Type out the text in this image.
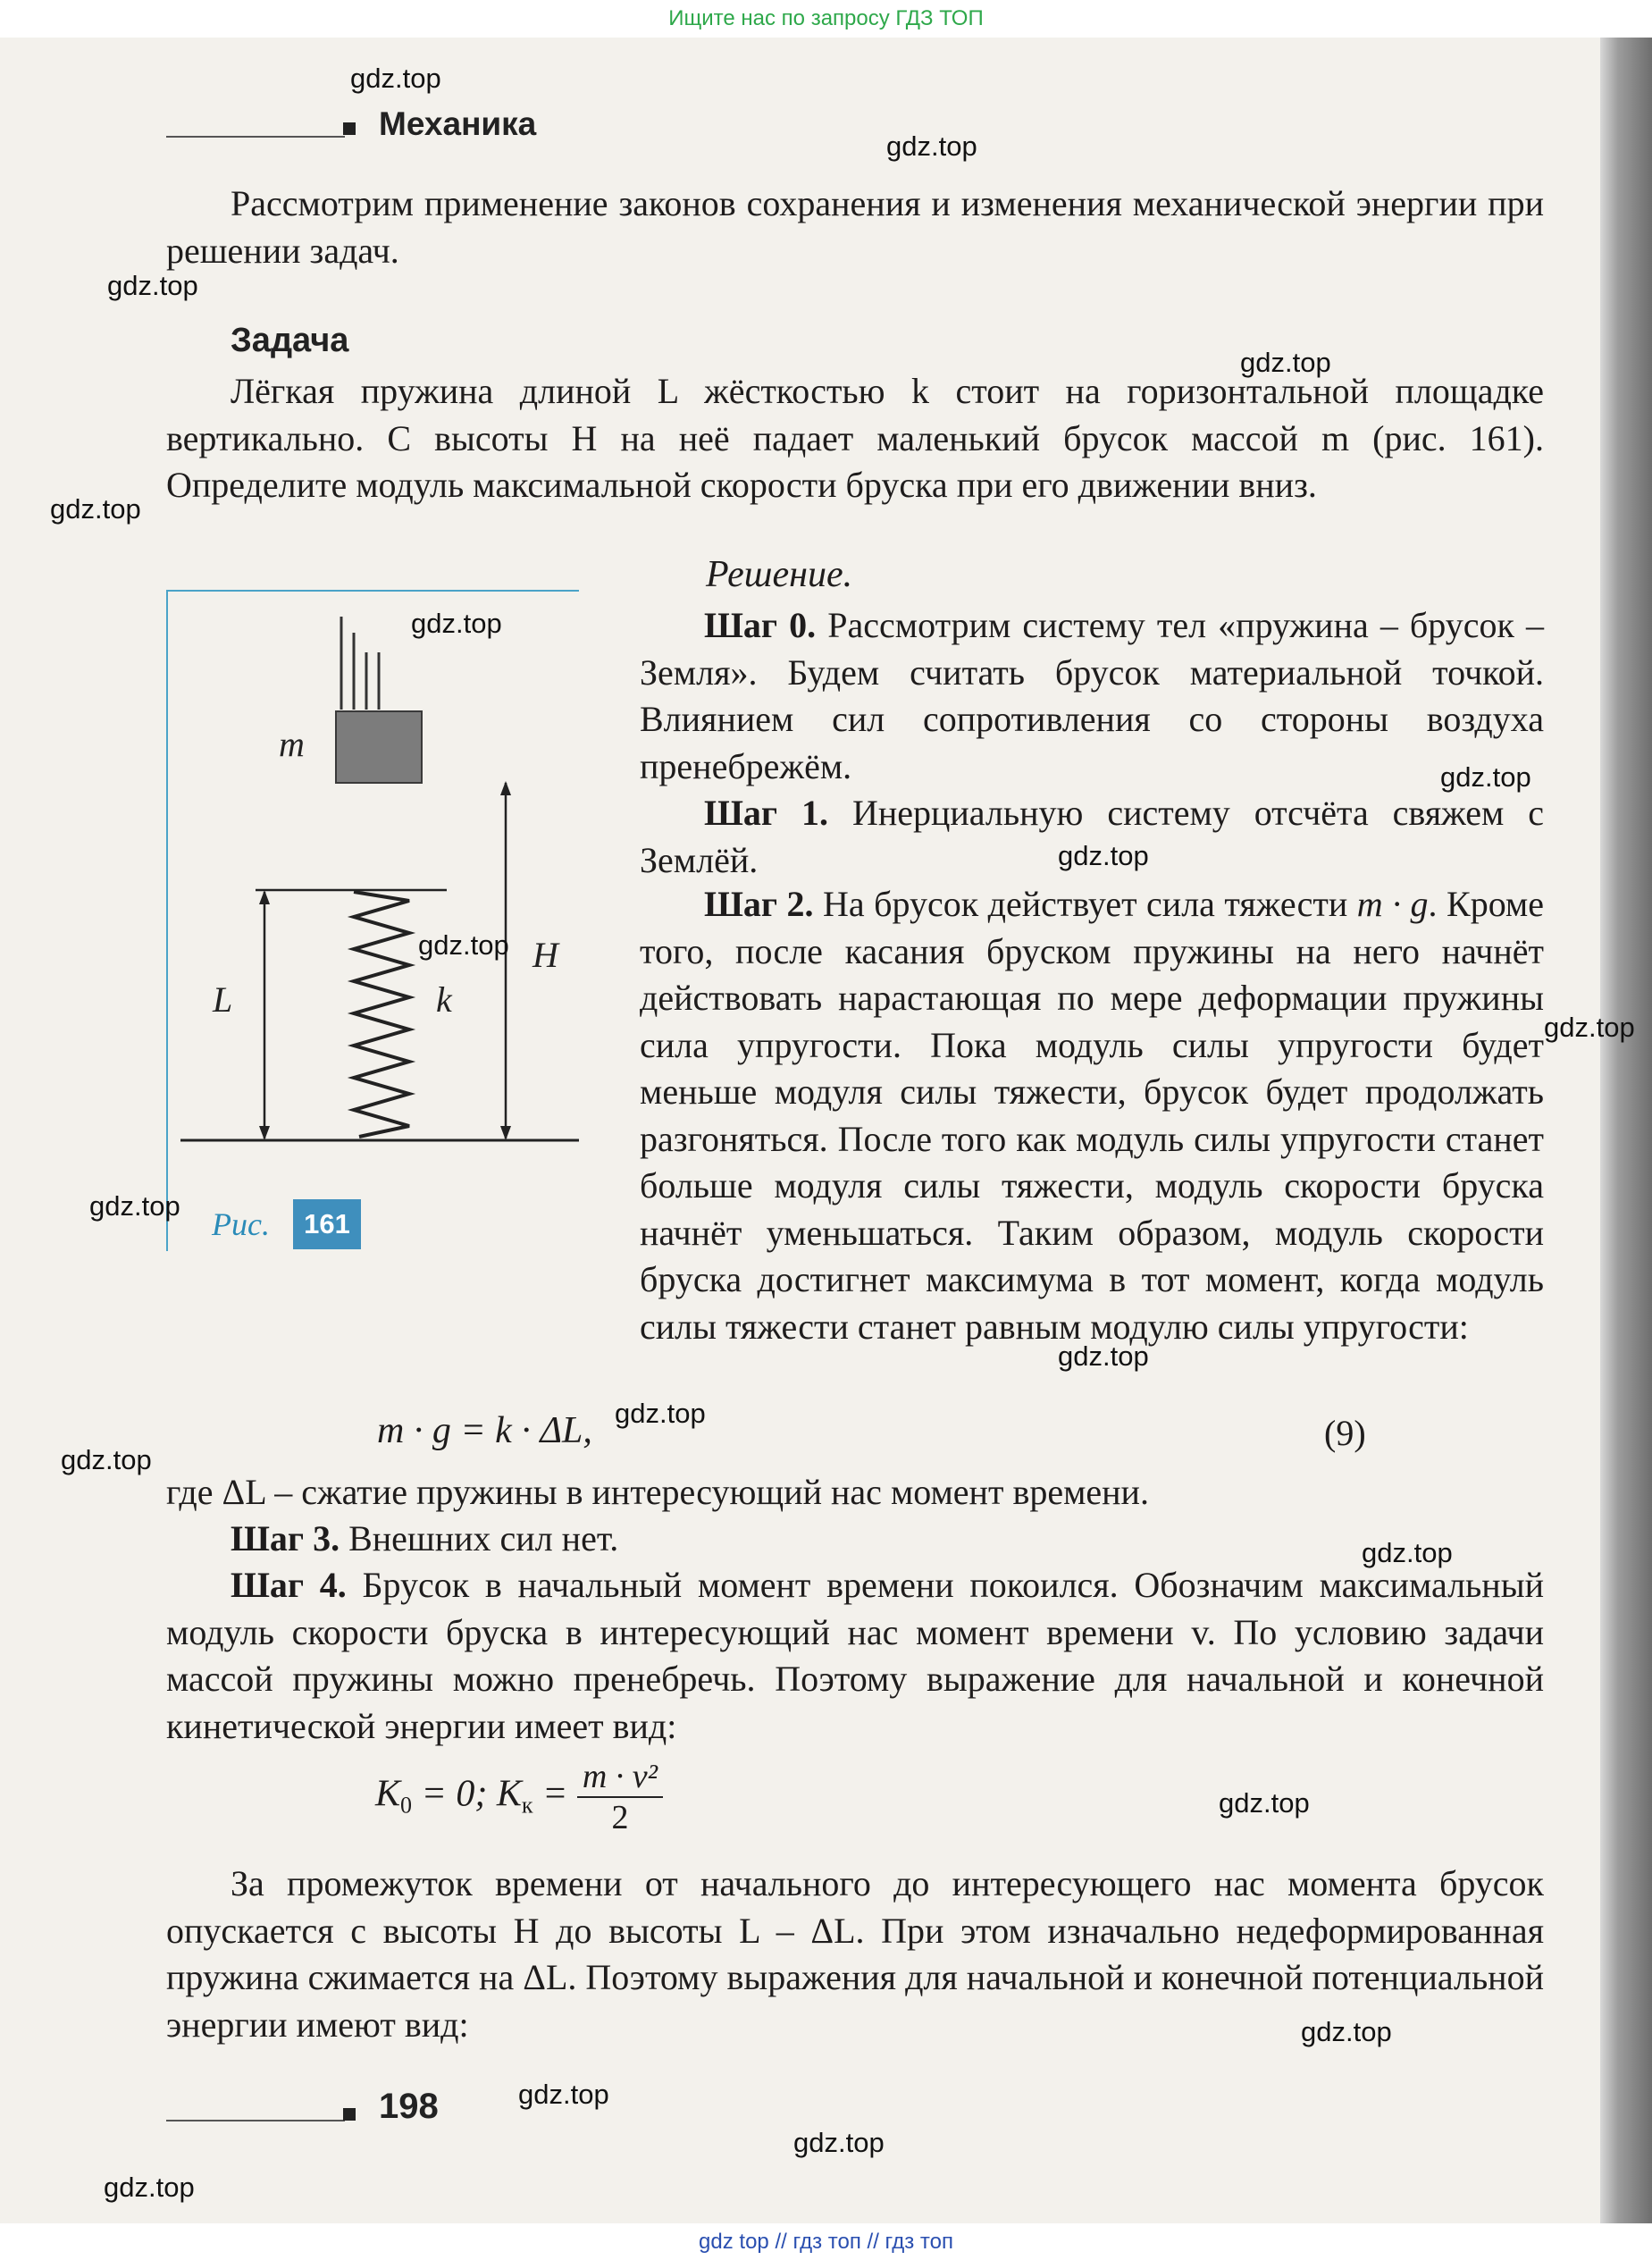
Ищите нас по запросу ГДЗ ТОП
Механика

Рассмотрим применение законов сохранения и изменения механической энергии при решении задач.

Задача

Лёгкая пружина длиной L жёсткостью k стоит на горизонтальной площадке вертикально. С высоты H на неё падает маленький брусок массой m (рис. 161). Определите модуль максимальной скорости бруска при его движении вниз.

m
H
L	k
Рис.	161
Решение.

Шаг 0. Рассмотрим систему тел «пружина – брусок – Земля». Будем считать брусок материальной точкой. Влиянием сил сопротивления со стороны воздуха пренебрежём.

Шаг 1. Инерциальную систему отсчёта свяжем с Землёй.

Шаг 2. На брусок действует сила тяжести m · g. Кроме того, после касания бруском пружины на него начнёт действовать нарастающая по мере деформации пружины сила упругости. Пока модуль силы упругости будет меньше модуля силы тяжести, брусок будет продолжать разгоняться. После того как модуль силы упругости станет больше модуля силы тяжести, модуль скорости бруска начнёт уменьшаться. Таким образом, модуль скорости бруска достигнет максимума в тот момент, когда модуль силы тяжести станет равным модулю силы упругости:

m · g = k · ΔL,	(9)

где ΔL – сжатие пружины в интересующий нас момент времени.

Шаг 3. Внешних сил нет.

Шаг 4. Брусок в начальный момент времени покоился. Обозначим максимальный модуль скорости бруска в интересующий нас момент времени v. По условию задачи массой пружины можно пренебречь. Поэтому выражение для начальной и конечной кинетической энергии имеет вид:

$K_0 = 0$; $K_к = \frac{\text{m · v²}}{2}$

За промежуток времени от начального до интересующего нас момента брусок опускается с высоты H до высоты L – ΔL. При этом изначально недеформированная пружина сжимается на ΔL. Поэтому выражения для начальной и конечной потенциальной энергии имеют вид:

198
gdz.top
gdz.top
gdz.top
gdz.top
gdz.top
gdz.top
gdz.top
gdz.top
gdz.top
gdz.top
gdz.top
gdz.top
gdz.top
gdz.top
gdz.top
gdz.top
gdz.top
gdz.top
gdz.top
gdz.top
gdz top // гдз топ // гдз топ
